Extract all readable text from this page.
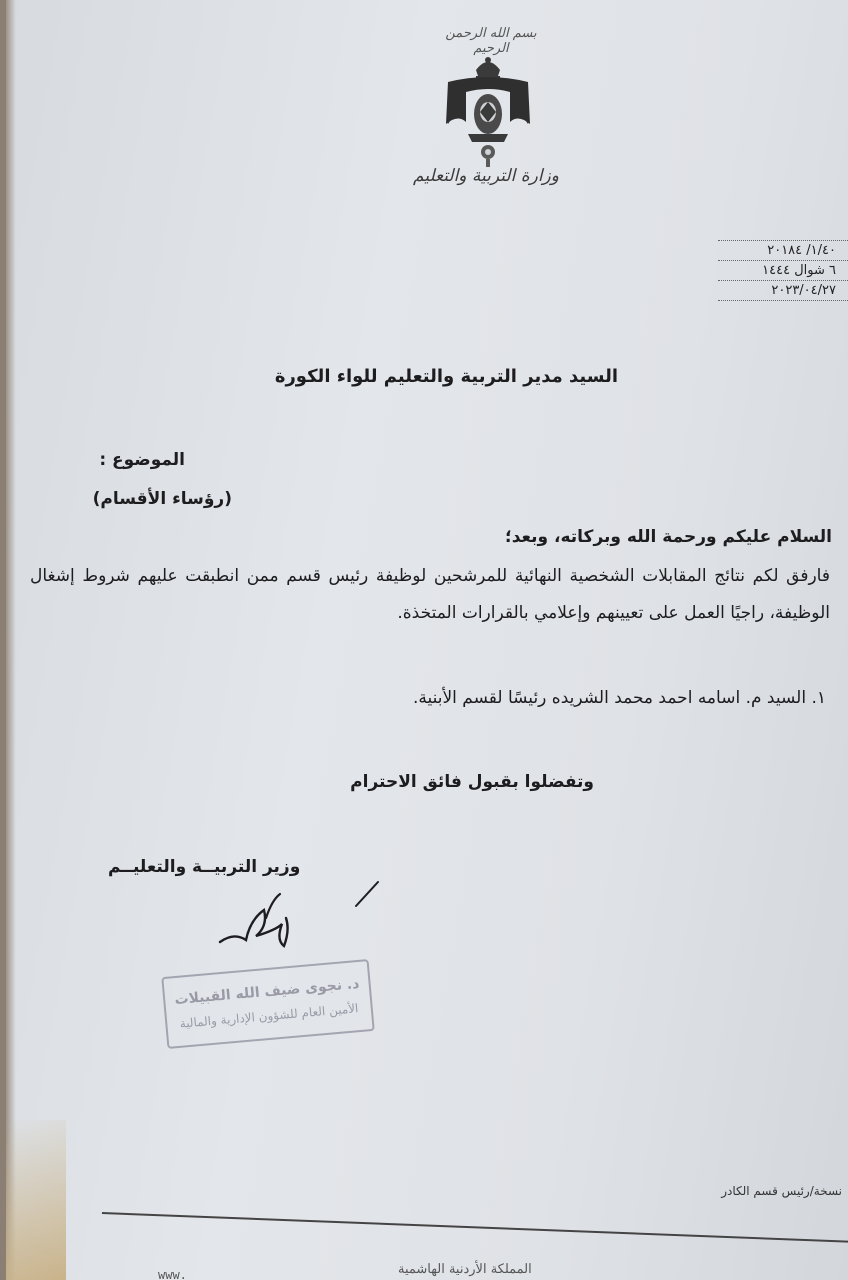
بسم الله الرحمن الرحيم
وزارة التربية والتعليم
١/٤٠/ ٢٠١٨٤
٦ شوال ١٤٤٤
٢٠٢٣/٠٤/٢٧
السيد مدير التربية والتعليم للواء الكورة
الموضوع :
(رؤساء الأقسام)
السلام عليكم ورحمة الله وبركاته، وبعد؛
فارفق لكم نتائج المقابلات الشخصية النهائية للمرشحين لوظيفة رئيس قسم ممن انطبقت عليهم شروط إشغال الوظيفة، راجيًا العمل على تعيينهم وإعلامي بالقرارات المتخذة.
١. السيد م. اسامه احمد محمد الشريده رئيسًا لقسم الأبنية.
وتفضلوا بقبول فائق الاحترام
وزير التربيــة والتعليــم
د. نجوى ضيف الله القبيلات
الأمين العام للشؤون الإدارية والمالية
نسخة/رئيس قسم الكادر
المملكة الأردنية الهاشمية
www.
